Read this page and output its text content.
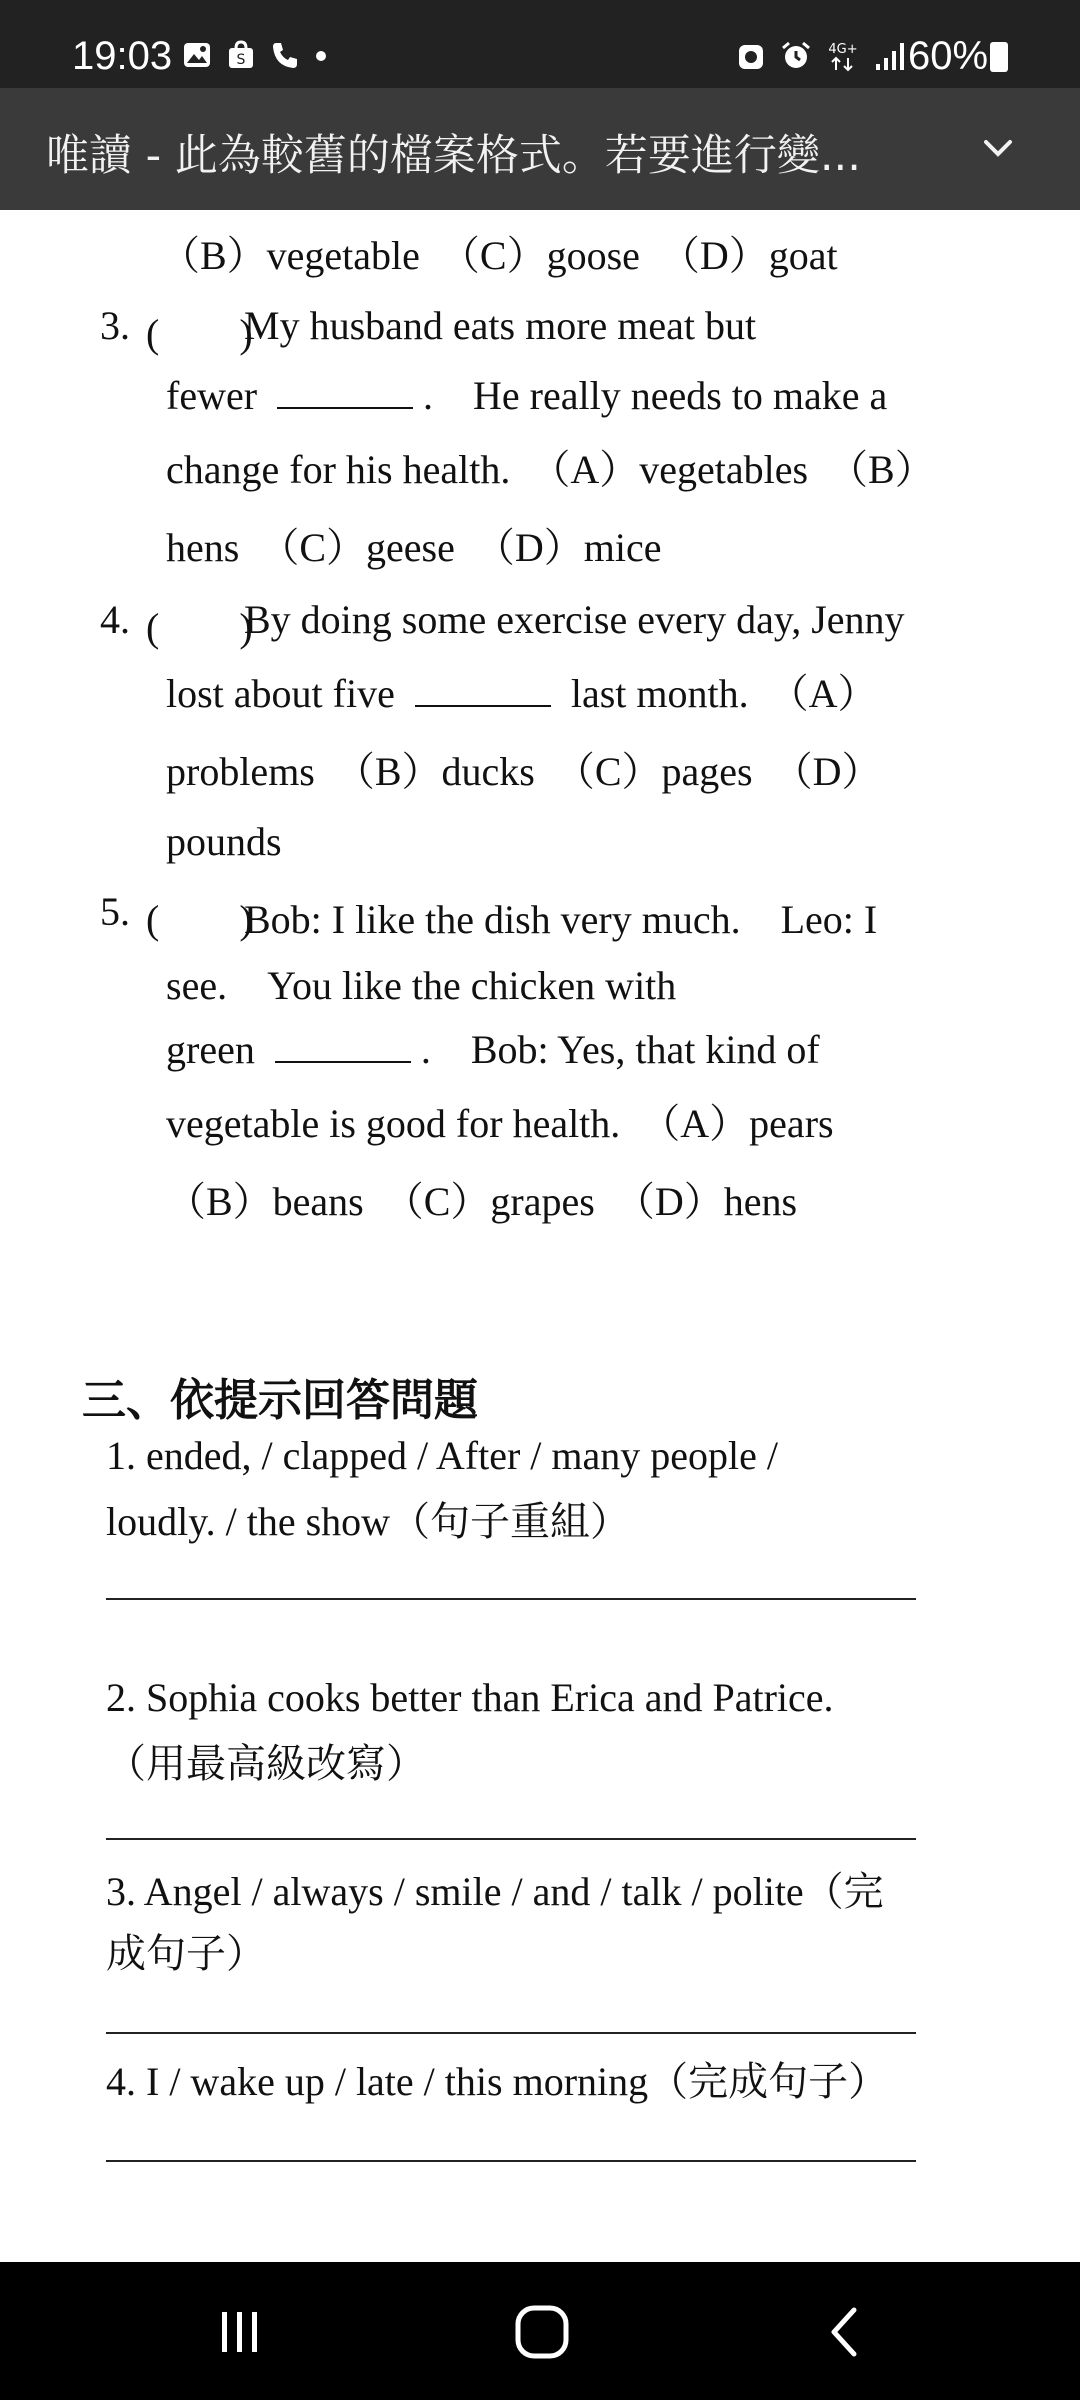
19:03	S
4G+ 60%
唯讀 - 此為較舊的檔案格式。若要進行變...
（B）vegetable　（C）goose　（D）goat
3. (　　)
My husband eats more meat but
fewer	.　He really needs to make a
change for his health.　（A）vegetables　（B）
hens　（C）geese　（D）mice
4. (　　)
By doing some exercise every day, Jenny
lost about five	last month.　（A）
problems　（B）ducks　（C）pages　（D）
pounds
5. (　　)
Bob: I like the dish very much.　Leo: I
see.　You like the chicken with
green	.　Bob: Yes, that kind of
vegetable is good for health.　（A）pears
（B）beans　（C）grapes　（D）hens
三、依提示回答問題
1. ended, / clapped / After / many people /
loudly. / the show（句子重組）
2. Sophia cooks better than Erica and Patrice.
（用最高級改寫）
3. Angel / always / smile / and / talk / polite（完
成句子）
4. I / wake up / late / this morning（完成句子）
